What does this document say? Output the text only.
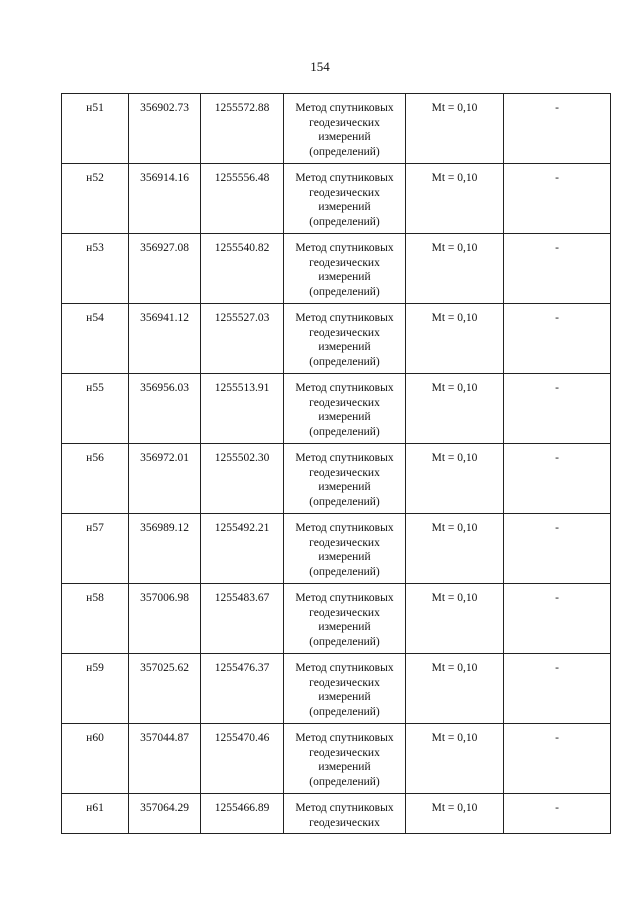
154
н51	356902.73	1255572.88	Метод спутниковых
геодезических
измерений
(определений)	Mt = 0,10	-
н52	356914.16	1255556.48	Метод спутниковых
геодезических
измерений
(определений)	Mt = 0,10	-
н53	356927.08	1255540.82	Метод спутниковых
геодезических
измерений
(определений)	Mt = 0,10	-
н54	356941.12	1255527.03	Метод спутниковых
геодезических
измерений
(определений)	Mt = 0,10	-
н55	356956.03	1255513.91	Метод спутниковых
геодезических
измерений
(определений)	Mt = 0,10	-
н56	356972.01	1255502.30	Метод спутниковых
геодезических
измерений
(определений)	Mt = 0,10	-
н57	356989.12	1255492.21	Метод спутниковых
геодезических
измерений
(определений)	Mt = 0,10	-
н58	357006.98	1255483.67	Метод спутниковых
геодезических
измерений
(определений)	Mt = 0,10	-
н59	357025.62	1255476.37	Метод спутниковых
геодезических
измерений
(определений)	Mt = 0,10	-
н60	357044.87	1255470.46	Метод спутниковых
геодезических
измерений
(определений)	Mt = 0,10	-
н61	357064.29	1255466.89	Метод спутниковых
геодезических	Mt = 0,10	-
